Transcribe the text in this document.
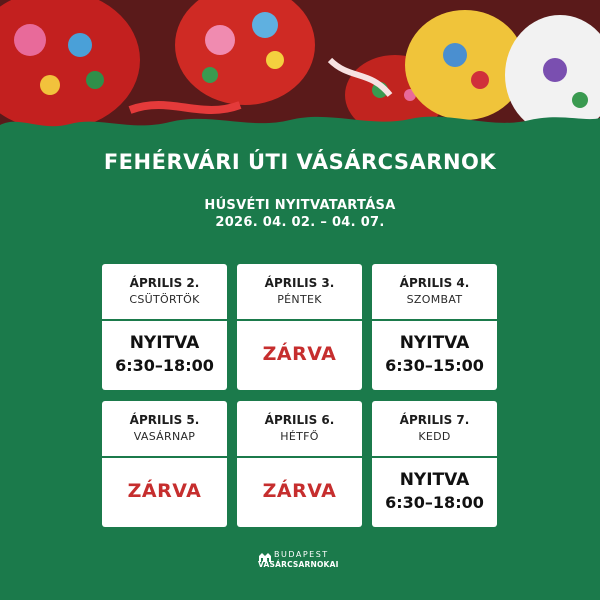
FEHÉRVÁRI ÚTI VÁSÁRCSARNOK
HÚSVÉTI NYITVATARTÁSA
2026. 04. 02. – 04. 07.
ÁPRILIS 2.
CSÜTÖRTÖK
NYITVA
6:30–18:00
ÁPRILIS 3.
PÉNTEK
ZÁRVA
ÁPRILIS 4.
SZOMBAT
NYITVA
6:30–15:00
ÁPRILIS 5.
VASÁRNAP
ZÁRVA
ÁPRILIS 6.
HÉTFŐ
ZÁRVA
ÁPRILIS 7.
KEDD
NYITVA
6:30–18:00
BUDAPEST
VÁSÁRCSARNOKAI
